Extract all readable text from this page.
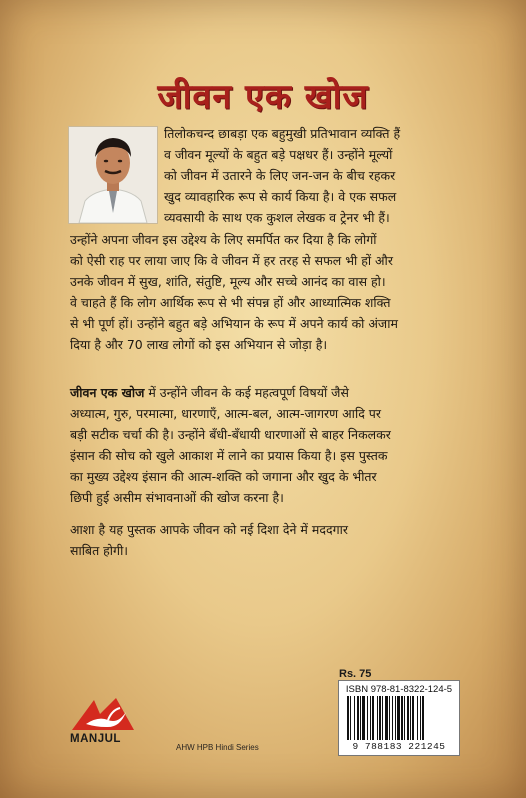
जीवन एक खोज
तिलोकचन्द छाबड़ा एक बहुमुखी प्रतिभावान व्यक्ति हैं
व जीवन मूल्यों के बहुत बड़े पक्षधर हैं। उन्होंने मूल्यों
को जीवन में उतारने के लिए जन-जन के बीच रहकर
खुद व्यावहारिक रूप से कार्य किया है। वे एक सफल
व्यवसायी के साथ एक कुशल लेखक व ट्रेनर भी हैं।
उन्होंने अपना जीवन इस उद्देश्य के लिए समर्पित कर दिया है कि लोगों
को ऐसी राह पर लाया जाए कि वे जीवन में हर तरह से सफल भी हों और
उनके जीवन में सुख, शांति, संतुष्टि, मूल्य और सच्चे आनंद का वास हो।
वे चाहते हैं कि लोग आर्थिक रूप से भी संपन्न हों और आध्यात्मिक शक्ति
से भी पूर्ण हों। उन्होंने बहुत बड़े अभियान के रूप में अपने कार्य को अंजाम
दिया है और 70 लाख लोगों को इस अभियान से जोड़ा है।
जीवन एक खोज में उन्होंने जीवन के कई महत्वपूर्ण विषयों जैसे
अध्यात्म, गुरु, परमात्मा, धारणाएँ, आत्म-बल, आत्म-जागरण आदि पर
बड़ी सटीक चर्चा की है। उन्होंने बँधी-बँधायी धारणाओं से बाहर निकलकर
इंसान की सोच को खुले आकाश में लाने का प्रयास किया है। इस पुस्तक
का मुख्य उद्देश्य इंसान की आत्म-शक्ति को जगाना और खुद के भीतर
छिपी हुई असीम संभावनाओं की खोज करना है।
आशा है यह पुस्तक आपके जीवन को नई दिशा देने में मददगार
साबित होगी।
MANJUL
AHW HPB Hindi Series
Rs. 75
ISBN 978-81-8322-124-5
9 788183 221245
